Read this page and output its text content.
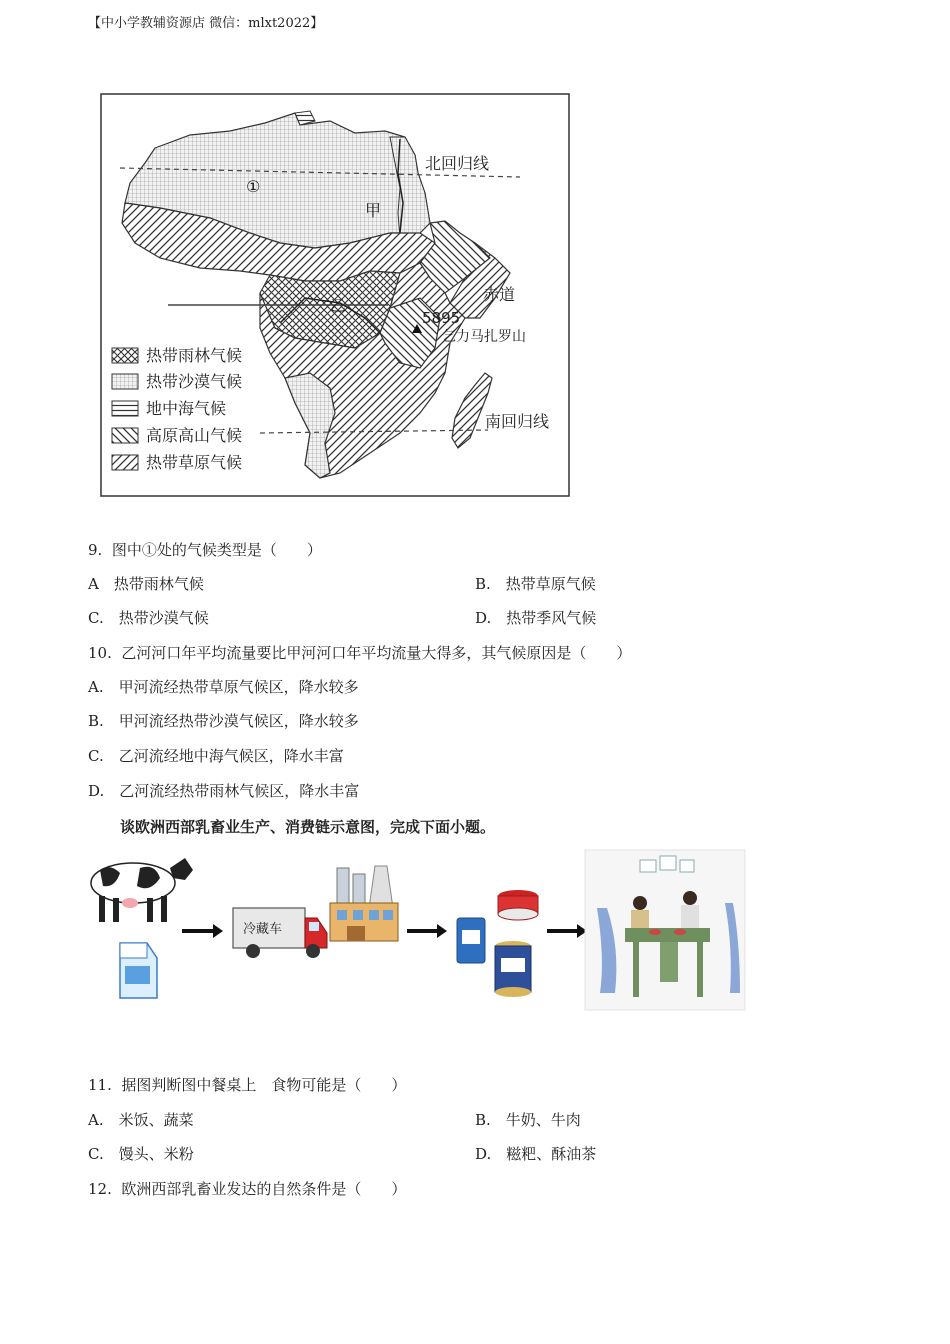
【中小学教辅资源店 微信：mlxt2022】
北回归线
①
甲
赤道
乙
5895
乞力马扎罗山
南回归线
热带雨林气候
热带沙漠气候
地中海气候
高原高山气候
热带草原气候
9. 图中①处的气候类型是（　　）
A　热带雨林气候	B.　热带草原气候
C.　热带沙漠气候	D.　热带季风气候
10. 乙河河口年平均流量要比甲河河口年平均流量大得多，其气候原因是（　　）
A.　甲河流经热带草原气候区，降水较多
B.　甲河流经热带沙漠气候区，降水较多
C.　乙河流经地中海气候区，降水丰富
D.　乙河流经热带雨林气候区，降水丰富
谈欧洲西部乳畜业生产、消费链示意图，完成下面小题。
冷藏车
11. 据图判断图中餐桌上　食物可能是（　　）
A.　米饭、蔬菜	B.　牛奶、牛肉
C.　馒头、米粉	D.　糍粑、酥油茶
12. 欧洲西部乳畜业发达的自然条件是（　　）
